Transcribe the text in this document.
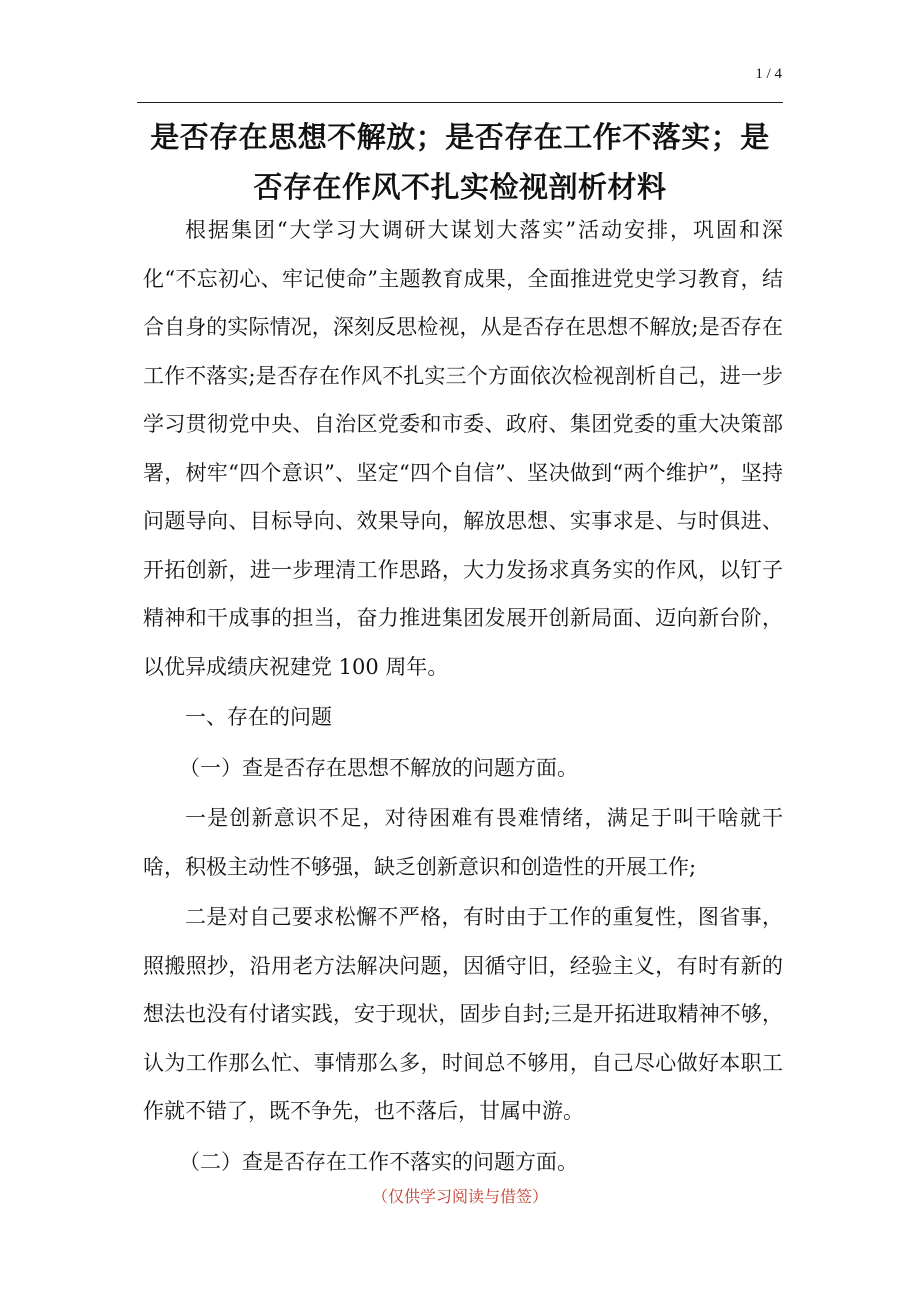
1 / 4
是否存在思想不解放；是否存在工作不落实；是否存在作风不扎实检视剖析材料

根据集团“大学习大调研大谋划大落实”活动安排，巩固和深化“不忘初心、牢记使命”主题教育成果，全面推进党史学习教育，结合自身的实际情况，深刻反思检视，从是否存在思想不解放;是否存在工作不落实;是否存在作风不扎实三个方面依次检视剖析自己，进一步学习贯彻党中央、自治区党委和市委、政府、集团党委的重大决策部署，树牢“四个意识”、坚定“四个自信”、坚决做到“两个维护”，坚持问题导向、目标导向、效果导向，解放思想、实事求是、与时俱进、开拓创新，进一步理清工作思路，大力发扬求真务实的作风，以钉子精神和干成事的担当，奋力推进集团发展开创新局面、迈向新台阶，以优异成绩庆祝建党 100 周年。

一、存在的问题

（一）查是否存在思想不解放的问题方面。

一是创新意识不足，对待困难有畏难情绪，满足于叫干啥就干啥，积极主动性不够强，缺乏创新意识和创造性的开展工作;

二是对自己要求松懈不严格，有时由于工作的重复性，图省事，照搬照抄，沿用老方法解决问题，因循守旧，经验主义，有时有新的想法也没有付诸实践，安于现状，固步自封;三是开拓进取精神不够，认为工作那么忙、事情那么多，时间总不够用，自己尽心做好本职工作就不错了，既不争先，也不落后，甘属中游。

（二）查是否存在工作不落实的问题方面。

（仅供学习阅读与借签）
